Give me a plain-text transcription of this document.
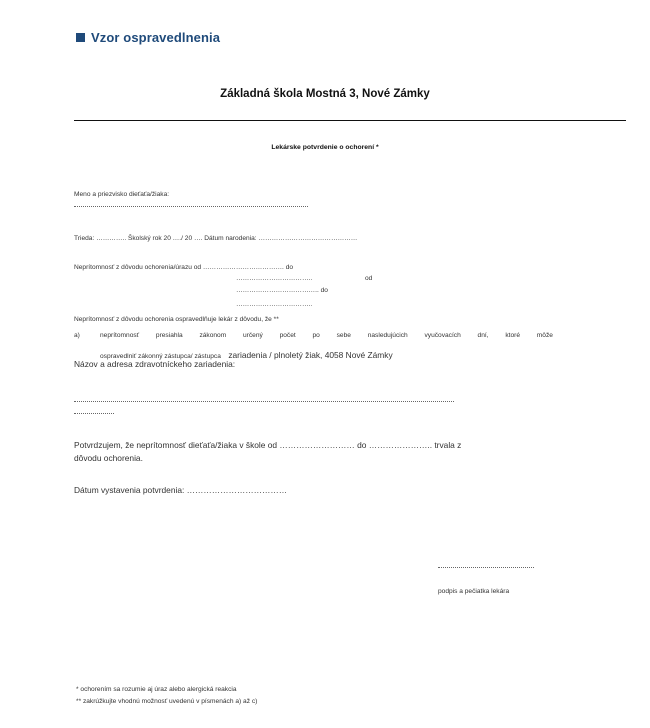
Vzor ospravedlnenia
Základná škola Mostná 3, Nové Zámky
Lekárske potvrdenie o ochorení *
Meno a priezvisko dieťaťa/žiaka:
Trieda: ………….. Školský rok 20 …./ 20 …. Dátum narodenia: ………………………………………
Neprítomnosť z dôvodu ochorenia/úrazu od ………………………………. do
……………………………..	od
……………………………….. do
……………………………..
Neprítomnosť z dôvodu ochorenia ospravedlňuje lekár z dôvodu, že **
a)	neprítomnosť	presiahla	zákonom	určený	počet	po	sebe	nasledujúcich	vyučovacích	dní,	ktoré	môže
ospravedlniť zákonný zástupca/ zástupca zariadenia / plnoletý žiak, 4058 Nové Zámky
Názov a adresa zdravotníckeho zariadenia:
Potvrdzujem, že neprítomnosť dieťaťa/žiaka v škole od ……………………… do ………………….. trvala z
dôvodu ochorenia.
Dátum vystavenia potvrdenia: ………………………………
podpis a pečiatka lekára
* ochorením sa rozumie aj úraz alebo alergická reakcia
** zakrúžkujte vhodnú možnosť uvedenú v písmenách a) až c)
